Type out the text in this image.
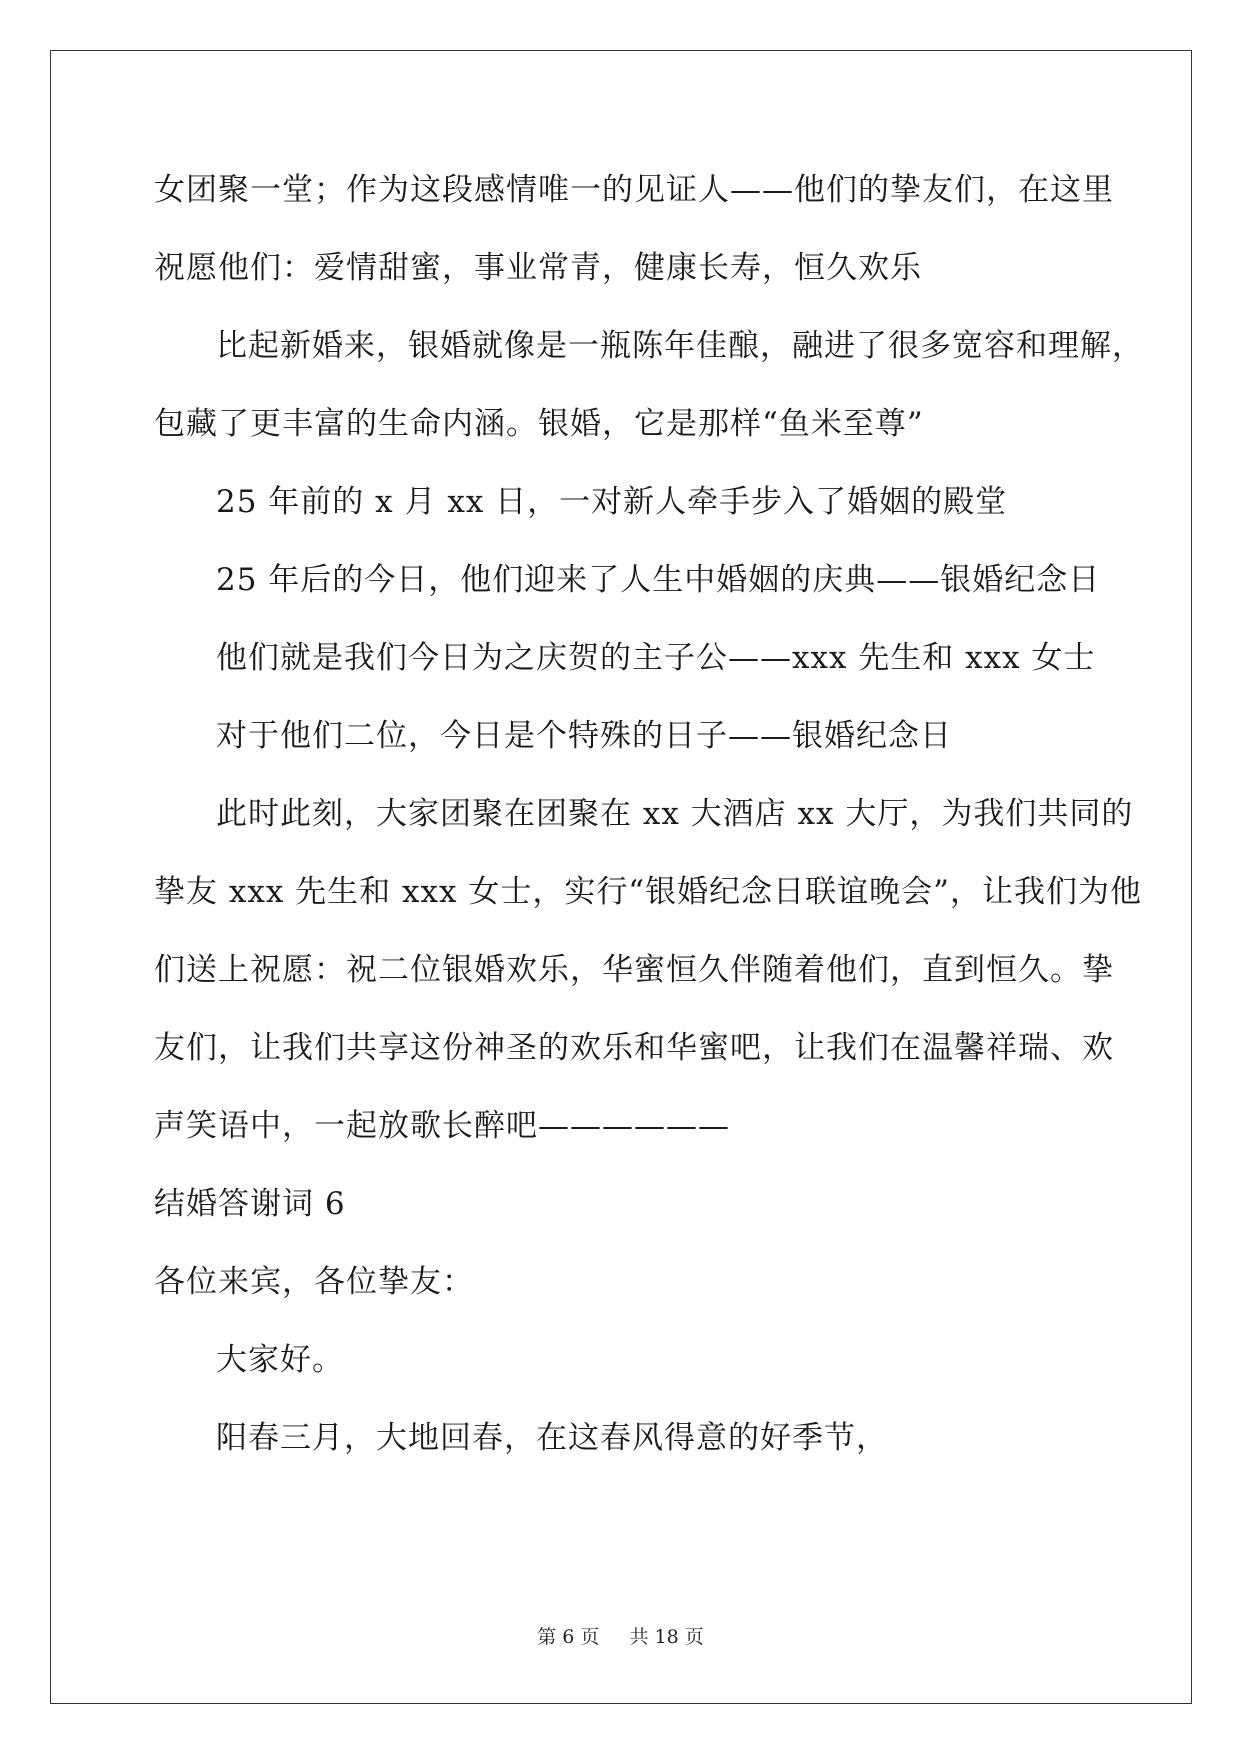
女团聚一堂；作为这段感情唯一的见证人——他们的挚友们，在这里
祝愿他们：爱情甜蜜，事业常青，健康长寿，恒久欢乐
比起新婚来，银婚就像是一瓶陈年佳酿，融进了很多宽容和理解，
包藏了更丰富的生命内涵。银婚，它是那样“鱼米至尊”
25 年前的 x 月 xx 日，一对新人牵手步入了婚姻的殿堂
25 年后的今日，他们迎来了人生中婚姻的庆典——银婚纪念日
他们就是我们今日为之庆贺的主子公——xxx 先生和 xxx 女士
对于他们二位，今日是个特殊的日子——银婚纪念日
此时此刻，大家团聚在团聚在 xx 大酒店 xx 大厅，为我们共同的
挚友 xxx 先生和 xxx 女士，实行“银婚纪念日联谊晚会”，让我们为他
们送上祝愿：祝二位银婚欢乐，华蜜恒久伴随着他们，直到恒久。挚
友们，让我们共享这份神圣的欢乐和华蜜吧，让我们在温馨祥瑞、欢
声笑语中，一起放歌长醉吧——————
结婚答谢词 6
各位来宾，各位挚友：
大家好。
阳春三月，大地回春，在这春风得意的好季节，
第 6 页 共 18 页
